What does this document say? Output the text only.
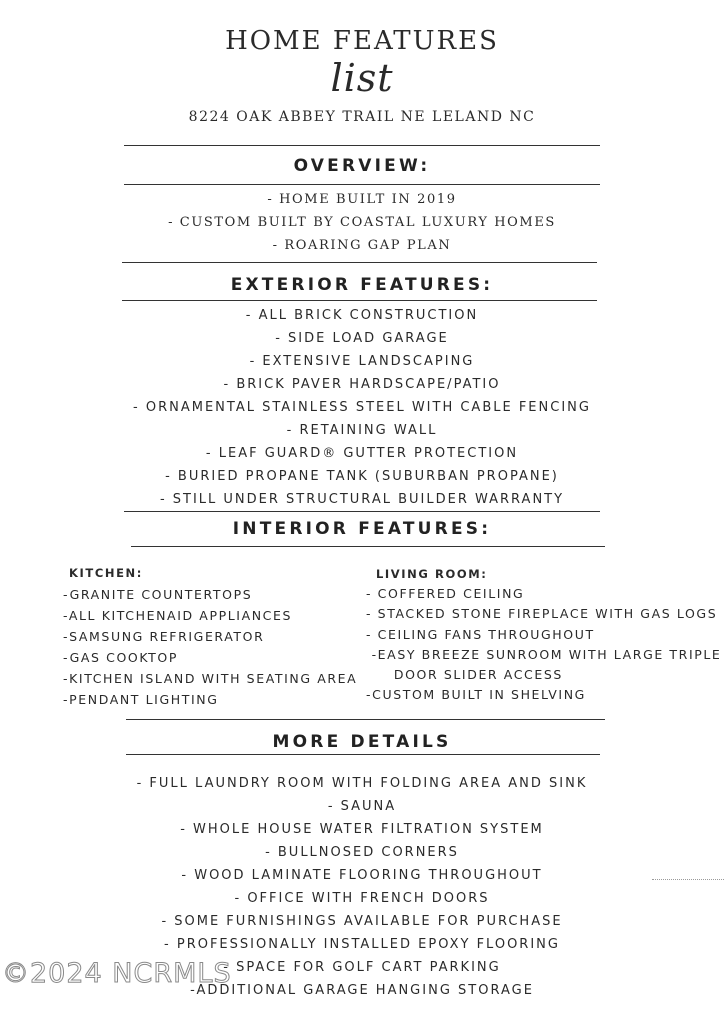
HOME FEATURES
list
8224 OAK ABBEY TRAIL NE LELAND NC
OVERVIEW:
- HOME BUILT IN 2019
- CUSTOM BUILT BY COASTAL LUXURY HOMES
- ROARING GAP PLAN
EXTERIOR FEATURES:
- ALL BRICK CONSTRUCTION
- SIDE LOAD GARAGE
- EXTENSIVE LANDSCAPING
- BRICK PAVER HARDSCAPE/PATIO
- ORNAMENTAL STAINLESS STEEL WITH CABLE FENCING
- RETAINING WALL
- LEAF GUARD® GUTTER PROTECTION
- BURIED PROPANE TANK (SUBURBAN PROPANE)
- STILL UNDER STRUCTURAL BUILDER WARRANTY
INTERIOR FEATURES:
KITCHEN:
-GRANITE COUNTERTOPS
-ALL KITCHENAID APPLIANCES
-SAMSUNG REFRIGERATOR
-GAS COOKTOP
-KITCHEN ISLAND WITH SEATING AREA
-PENDANT LIGHTING
LIVING ROOM:
- COFFERED CEILING
- STACKED STONE FIREPLACE WITH GAS LOGS
- CEILING FANS THROUGHOUT
-EASY BREEZE SUNROOM WITH LARGE TRIPLE
DOOR SLIDER ACCESS
-CUSTOM BUILT IN SHELVING
MORE DETAILS
- FULL LAUNDRY ROOM WITH FOLDING AREA AND SINK
- SAUNA
- WHOLE HOUSE WATER FILTRATION SYSTEM
- BULLNOSED CORNERS
- WOOD LAMINATE FLOORING THROUGHOUT
- OFFICE WITH FRENCH DOORS
- SOME FURNISHINGS AVAILABLE FOR PURCHASE
- PROFESSIONALLY INSTALLED EPOXY FLOORING
- SPACE FOR GOLF CART PARKING
-ADDITIONAL GARAGE HANGING STORAGE
©2024 NCRMLS
